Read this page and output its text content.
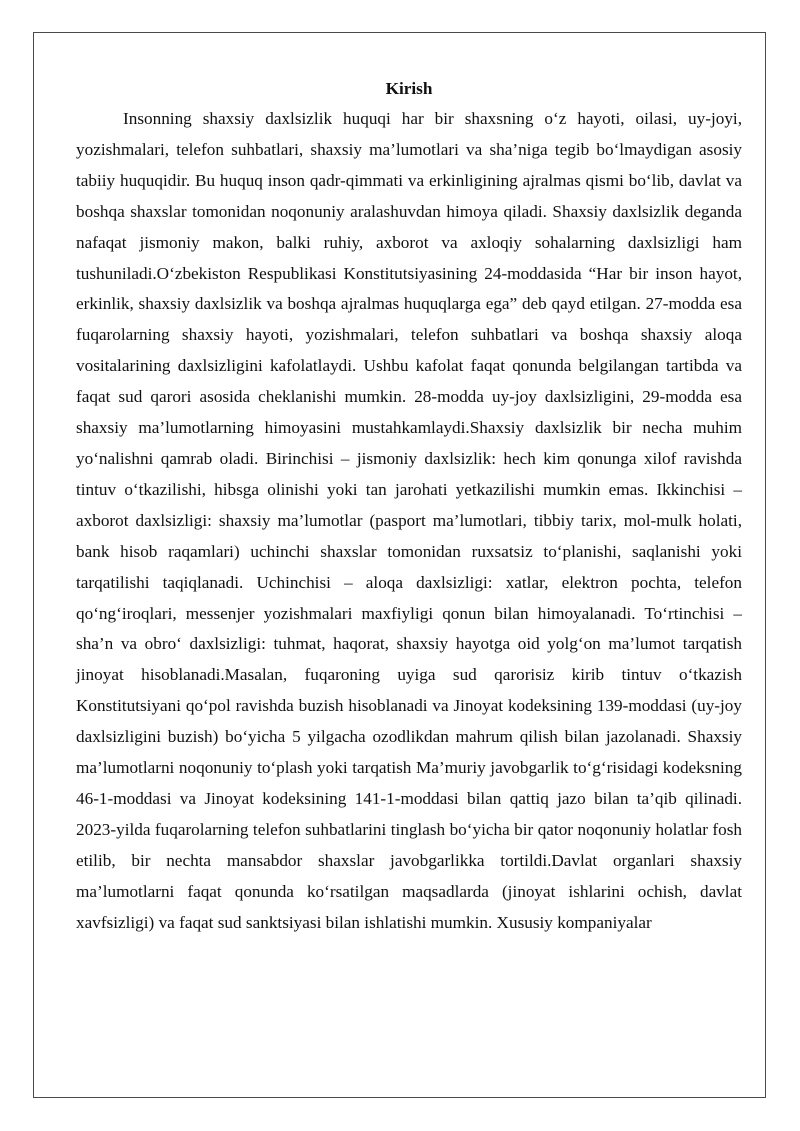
Kirish

Insonning shaxsiy daxlsizlik huquqi har bir shaxsning o‘z hayoti, oilasi, uy-joyi, yozishmalari, telefon suhbatlari, shaxsiy ma’lumotlari va sha’niga tegib bo‘lmaydigan asosiy tabiiy huquqidir. Bu huquq inson qadr-qimmati va erkinligining ajralmas qismi bo‘lib, davlat va boshqa shaxslar tomonidan noqonuniy aralashuvdan himoya qiladi. Shaxsiy daxlsizlik deganda nafaqat jismoniy makon, balki ruhiy, axborot va axloqiy sohalarning daxlsizligi ham tushuniladi.O‘zbekiston Respublikasi Konstitutsiyasining 24-moddasida “Har bir inson hayot, erkinlik, shaxsiy daxlsizlik va boshqa ajralmas huquqlarga ega” deb qayd etilgan. 27-modda esa fuqarolarning shaxsiy hayoti, yozishmalari, telefon suhbatlari va boshqa shaxsiy aloqa vositalarining daxlsizligini kafolatlaydi. Ushbu kafolat faqat qonunda belgilangan tartibda va faqat sud qarori asosida cheklanishi mumkin. 28-modda uy-joy daxlsizligini, 29-modda esa shaxsiy ma’lumotlarning himoyasini mustahkamlaydi.Shaxsiy daxlsizlik bir necha muhim yo‘nalishni qamrab oladi. Birinchisi – jismoniy daxlsizlik: hech kim qonunga xilof ravishda tintuv o‘tkazilishi, hibsga olinishi yoki tan jarohati yetkazilishi mumkin emas. Ikkinchisi – axborot daxlsizligi: shaxsiy ma’lumotlar (pasport ma’lumotlari, tibbiy tarix, mol-mulk holati, bank hisob raqamlari) uchinchi shaxslar tomonidan ruxsatsiz to‘planishi, saqlanishi yoki tarqatilishi taqiqlanadi. Uchinchisi – aloqa daxlsizligi: xatlar, elektron pochta, telefon qo‘ng‘iroqlari, messenjer yozishmalari maxfiyligi qonun bilan himoyalanadi. To‘rtinchisi – sha’n va obro‘ daxlsizligi: tuhmat, haqorat, shaxsiy hayotga oid yolg‘on ma’lumot tarqatish jinoyat hisoblanadi.Masalan, fuqaroning uyiga sud qarorisiz kirib tintuv o‘tkazish Konstitutsiyani qo‘pol ravishda buzish hisoblanadi va Jinoyat kodeksining 139-moddasi (uy-joy daxlsizligini buzish) bo‘yicha 5 yilgacha ozodlikdan mahrum qilish bilan jazolanadi. Shaxsiy ma’lumotlarni noqonuniy to‘plash yoki tarqatish Ma’muriy javobgarlik to‘g‘risidagi kodeksning 46-1-moddasi va Jinoyat kodeksining 141-1-moddasi bilan qattiq jazo bilan ta’qib qilinadi. 2023-yilda fuqarolarning telefon suhbatlarini tinglash bo‘yicha bir qator noqonuniy holatlar fosh etilib, bir nechta mansabdor shaxslar javobgarlikka tortildi.Davlat organlari shaxsiy ma’lumotlarni faqat qonunda ko‘rsatilgan maqsadlarda (jinoyat ishlarini ochish, davlat xavfsizligi) va faqat sud sanktsiyasi bilan ishlatishi mumkin. Xususiy kompaniyalar
